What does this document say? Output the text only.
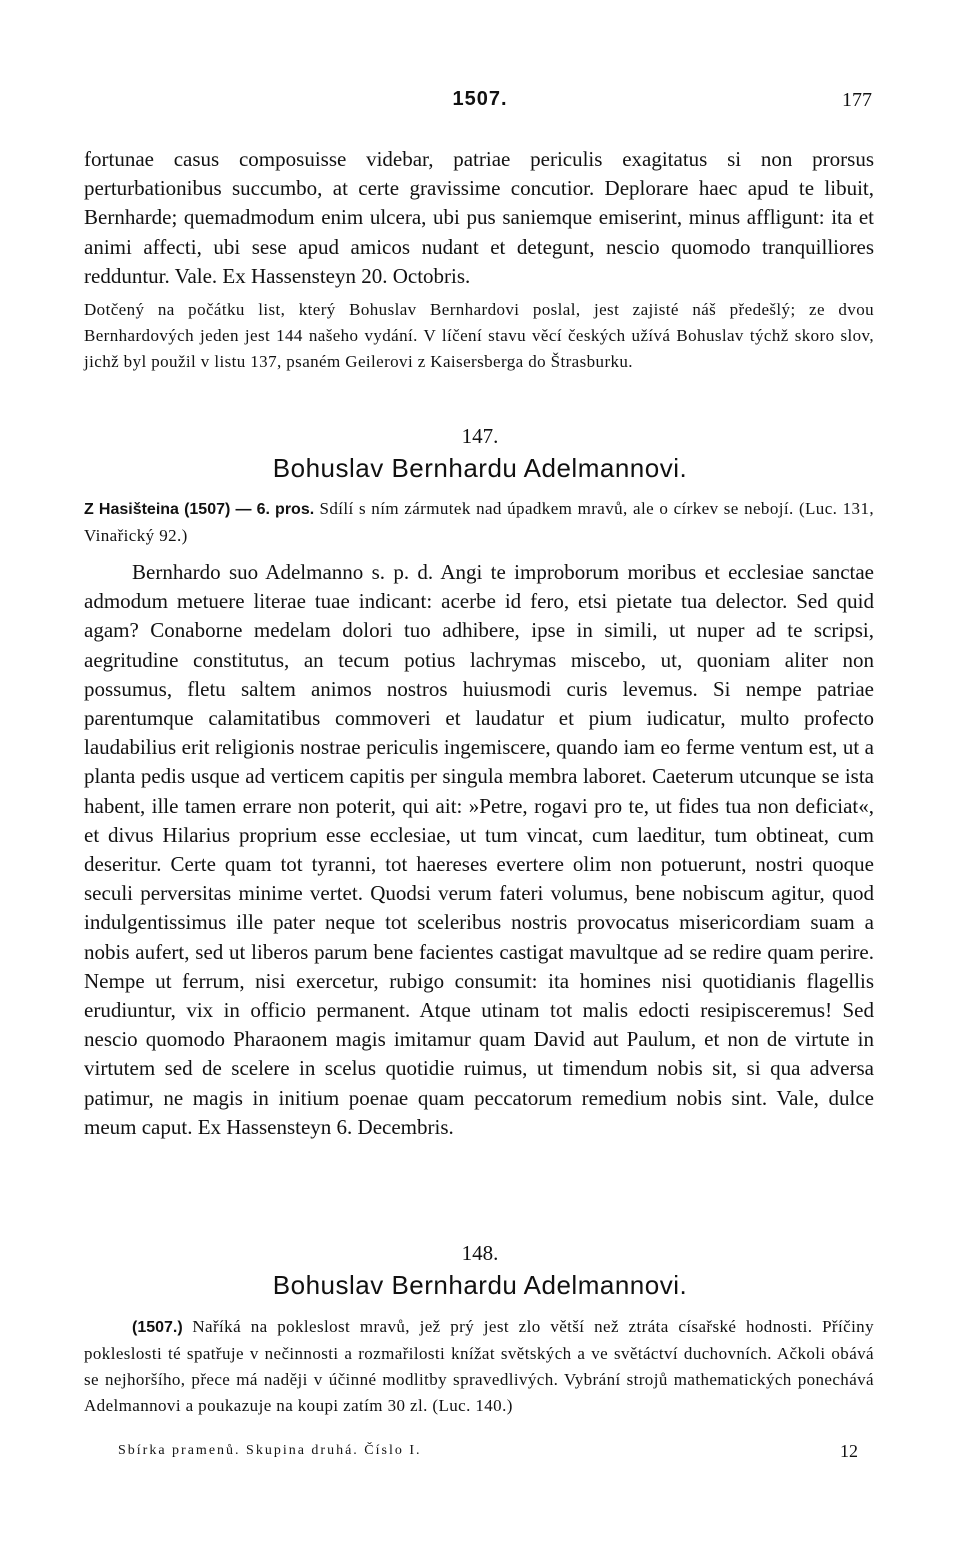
1507.	177

fortunae casus composuisse videbar, patriae periculis exagitatus si non prorsus perturbationibus succumbo, at certe gravissime concutior. Deplorare haec apud te libuit, Bernharde; quemadmodum enim ulcera, ubi pus saniemque emiserint, minus affligunt: ita et animi affecti, ubi sese apud amicos nudant et detegunt, nescio quomodo tranquilliores redduntur. Vale. Ex Hassensteyn 20. Octobris.

Dotčený na počátku list, který Bohuslav Bernhardovi poslal, jest zajisté náš předešlý; ze dvou Bernhardových jeden jest 144 našeho vydání. V líčení stavu věcí českých užívá Bohuslav týchž skoro slov, jichž byl použil v listu 137, psaném Geilerovi z Kaisersberga do Štrasburku.

147.
Bohuslav Bernhardu Adelmannovi.

Z Hasišteina (1507) — 6. pros. Sdílí s ním zármutek nad úpadkem mravů, ale o církev se nebojí. (Luc. 131, Vinařický 92.)

Bernhardo suo Adelmanno s. p. d. Angi te improborum moribus et ecclesiae sanctae admodum metuere literae tuae indicant: acerbe id fero, etsi pietate tua delector. Sed quid agam? Conaborne medelam dolori tuo adhibere, ipse in simili, ut nuper ad te scripsi, aegritudine constitutus, an tecum potius lachrymas miscebo, ut, quoniam aliter non possumus, fletu saltem animos nostros huiusmodi curis levemus. Si nempe patriae parentumque calamitatibus commoveri et laudatur et pium iudicatur, multo profecto laudabilius erit religionis nostrae periculis ingemiscere, quando iam eo ferme ventum est, ut a planta pedis usque ad verticem capitis per singula membra laboret. Caeterum utcunque se ista habent, ille tamen errare non poterit, qui ait: »Petre, rogavi pro te, ut fides tua non deficiat«, et divus Hilarius proprium esse ecclesiae, ut tum vincat, cum laeditur, tum obtineat, cum deseritur. Certe quam tot tyranni, tot haereses evertere olim non potuerunt, nostri quoque seculi perversitas minime vertet. Quodsi verum fateri volumus, bene nobiscum agitur, quod indulgentissimus ille pater neque tot sceleribus nostris provocatus misericordiam suam a nobis aufert, sed ut liberos parum bene facientes castigat mavultque ad se redire quam perire. Nempe ut ferrum, nisi exercetur, rubigo consumit: ita homines nisi quotidianis flagellis erudiuntur, vix in officio permanent. Atque utinam tot malis edocti resipisceremus! Sed nescio quomodo Pharaonem magis imitamur quam David aut Paulum, et non de virtute in virtutem sed de scelere in scelus quotidie ruimus, ut timendum nobis sit, si qua adversa patimur, ne magis in initium poenae quam peccatorum remedium nobis sint. Vale, dulce meum caput. Ex Hassensteyn 6. Decembris.

148.
Bohuslav Bernhardu Adelmannovi.

(1507.) Naříká na pokleslost mravů, jež prý jest zlo větší než ztráta císařské hodnosti. Příčiny pokleslosti té spatřuje v nečinnosti a rozmařilosti knížat světských a ve světáctví duchovních. Ačkoli obává se nejhoršího, přece má naději v účinné modlitby spravedlivých. Vybrání strojů mathematických ponechává Adelmannovi a poukazuje na koupi zatím 30 zl. (Luc. 140.)

Sbírka pramenů. Skupina druhá. Číslo I.	12
